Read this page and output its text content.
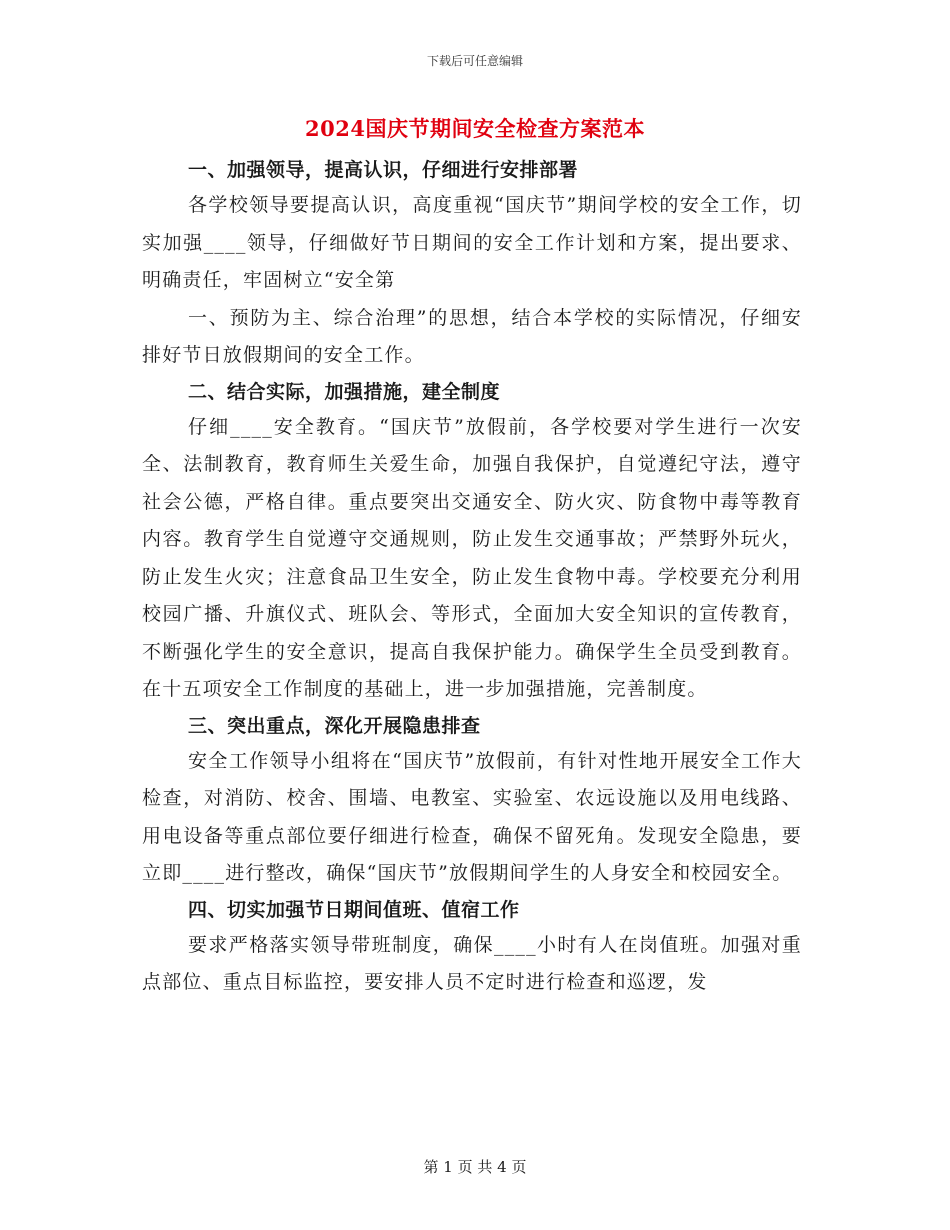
下载后可任意编辑
2024国庆节期间安全检查方案范本

一、加强领导，提高认识，仔细进行安排部署

各学校领导要提高认识，高度重视“国庆节”期间学校的安全工作，切实加强____领导，仔细做好节日期间的安全工作计划和方案，提出要求、明确责任，牢固树立“安全第

一、预防为主、综合治理”的思想，结合本学校的实际情况，仔细安排好节日放假期间的安全工作。

二、结合实际，加强措施，建全制度

仔细____安全教育。“国庆节”放假前，各学校要对学生进行一次安全、法制教育，教育师生关爱生命，加强自我保护，自觉遵纪守法，遵守社会公德，严格自律。重点要突出交通安全、防火灾、防食物中毒等教育内容。教育学生自觉遵守交通规则，防止发生交通事故；严禁野外玩火，防止发生火灾；注意食品卫生安全，防止发生食物中毒。学校要充分利用校园广播、升旗仪式、班队会、等形式，全面加大安全知识的宣传教育，不断强化学生的安全意识，提高自我保护能力。确保学生全员受到教育。在十五项安全工作制度的基础上，进一步加强措施，完善制度。

三、突出重点，深化开展隐患排查

安全工作领导小组将在“国庆节”放假前，有针对性地开展安全工作大检查，对消防、校舍、围墙、电教室、实验室、农远设施以及用电线路、用电设备等重点部位要仔细进行检查，确保不留死角。发现安全隐患，要立即____进行整改，确保“国庆节”放假期间学生的人身安全和校园安全。

四、切实加强节日期间值班、值宿工作

要求严格落实领导带班制度，确保____小时有人在岗值班。加强对重点部位、重点目标监控，要安排人员不定时进行检查和巡逻，发

第 1 页 共 4 页
